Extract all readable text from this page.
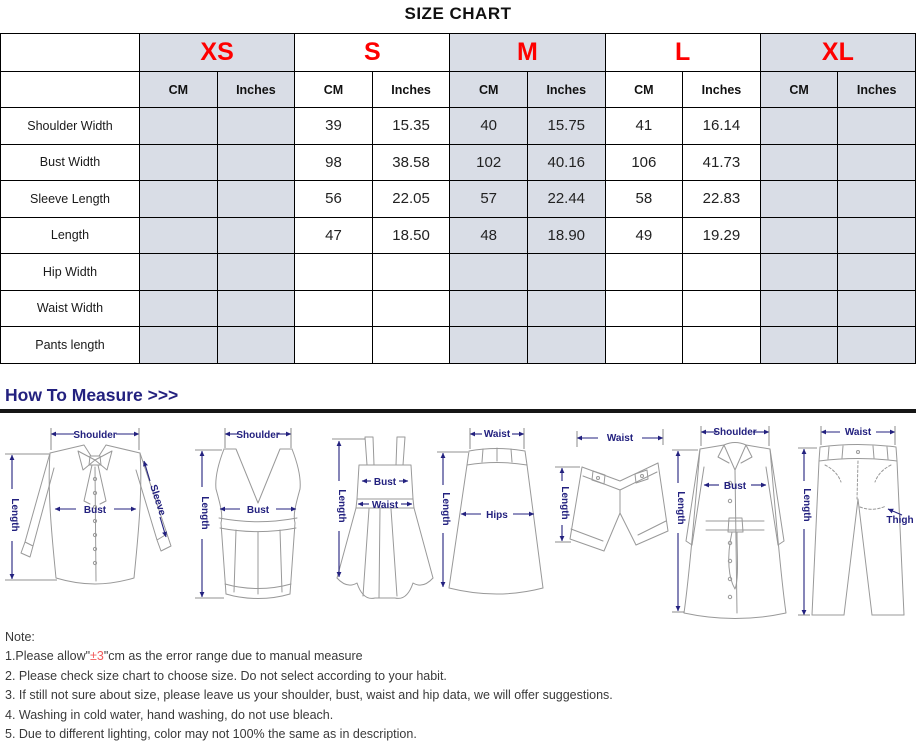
SIZE CHART
	XS		S		M		L		XL	
	CM	Inches	CM	Inches	CM	Inches	CM	Inches	CM	Inches
Shoulder Width			39	15.35	40	15.75	41	16.14		
Bust Width			98	38.58	102	40.16	106	41.73		
Sleeve Length			56	22.05	57	22.44	58	22.83		
Length			47	18.50	48	18.90	49	19.29		
Hip Width										
Waist Width										
Pants length										
How To Measure >>>
Shoulder
Length	Bust	Sleeve
Shoulder
Bust
Length
Bust
Waist
Length
Waist
Hips
Length
Waist
Length
Shoulder
Bust
Length
Waist
Length	Thigh
Note:
1.Please allow"±3"cm as the error range due to manual measure
2. Please check size chart to choose size. Do not select according to your habit.
3. If still not sure about size, please leave us your shoulder, bust, waist and hip data, we will offer suggestions.
4. Washing in cold water, hand washing, do not use bleach.
5. Due to different lighting, color may not 100% the same as in description.
